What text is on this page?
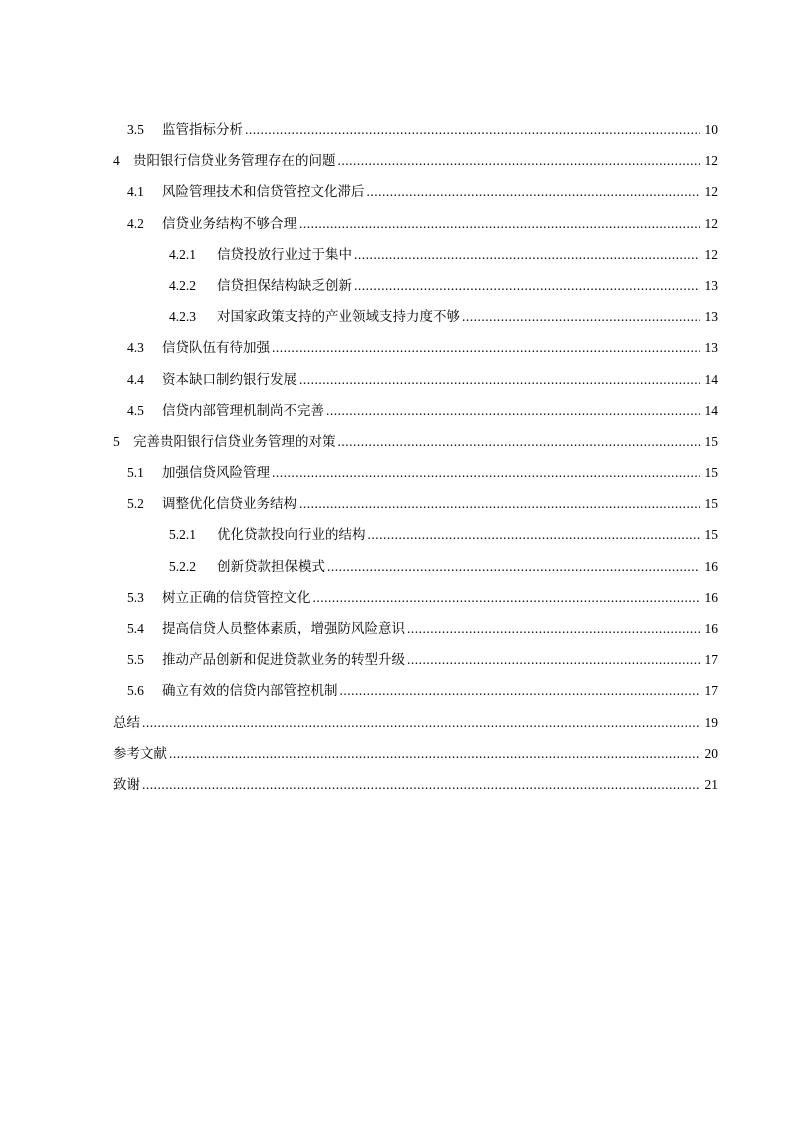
3.5	监管指标分析 .....	10
4 贵阳银行信贷业务管理存在的问题 .....	12
4.1	风险管理技术和信贷管控文化滞后 .....	12
4.2	信贷业务结构不够合理 .....	12
4.2.1	信贷投放行业过于集中 .....	12
4.2.2	信贷担保结构缺乏创新 .....	13
4.2.3	对国家政策支持的产业领域支持力度不够 .....	13
4.3	信贷队伍有待加强 .....	13
4.4	资本缺口制约银行发展 .....	14
4.5	信贷内部管理机制尚不完善 .....	14
5 完善贵阳银行信贷业务管理的对策 .....	15
5.1	加强信贷风险管理 .....	15
5.2	调整优化信贷业务结构 .....	15
5.2.1	优化贷款投向行业的结构 .....	15
5.2.2	创新贷款担保模式 .....	16
5.3	树立正确的信贷管控文化 .....	16
5.4	提高信贷人员整体素质，增强防风险意识 .....	16
5.5	推动产品创新和促进贷款业务的转型升级 .....	17
5.6	确立有效的信贷内部管控机制 .....	17
总结 .....	19
参考文献 .....	20
致谢 .....	21
